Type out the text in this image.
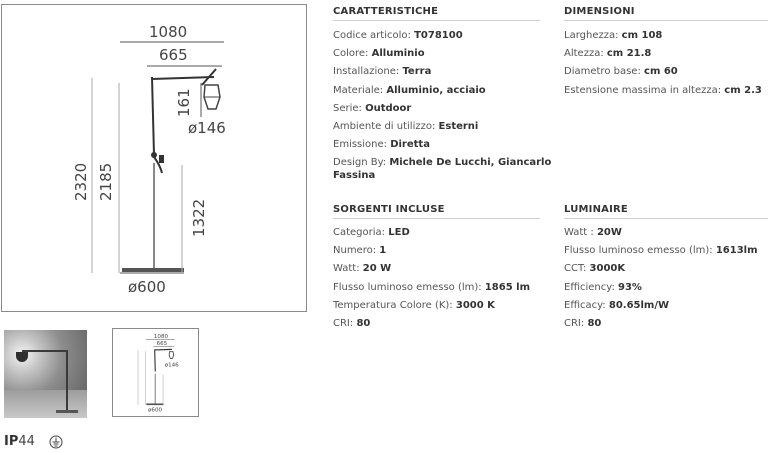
1080
665
161
ø146
2320 2185
1322
ø600
1080
665
ø146
ø600
IP44
CARATTERISTICHE
Codice articolo: T078100
Colore: Alluminio
Installazione: Terra
Materiale: Alluminio, acciaio
Serie: Outdoor
Ambiente di utilizzo: Esterni
Emissione: Diretta
Design By: Michele De Lucchi, Giancarlo Fassina
DIMENSIONI
Larghezza: cm 108
Altezza: cm 21.8
Diametro base: cm 60
Estensione massima in altezza: cm 2.3
SORGENTI INCLUSE
Categoria: LED
Numero: 1
Watt: 20 W
Flusso luminoso emesso (lm): 1865 lm
Temperatura Colore (K): 3000 K
CRI: 80
LUMINAIRE
Watt : 20W
Flusso luminoso emesso (lm): 1613lm
CCT: 3000K
Efficiency: 93%
Efficacy: 80.65lm/W
CRI: 80
